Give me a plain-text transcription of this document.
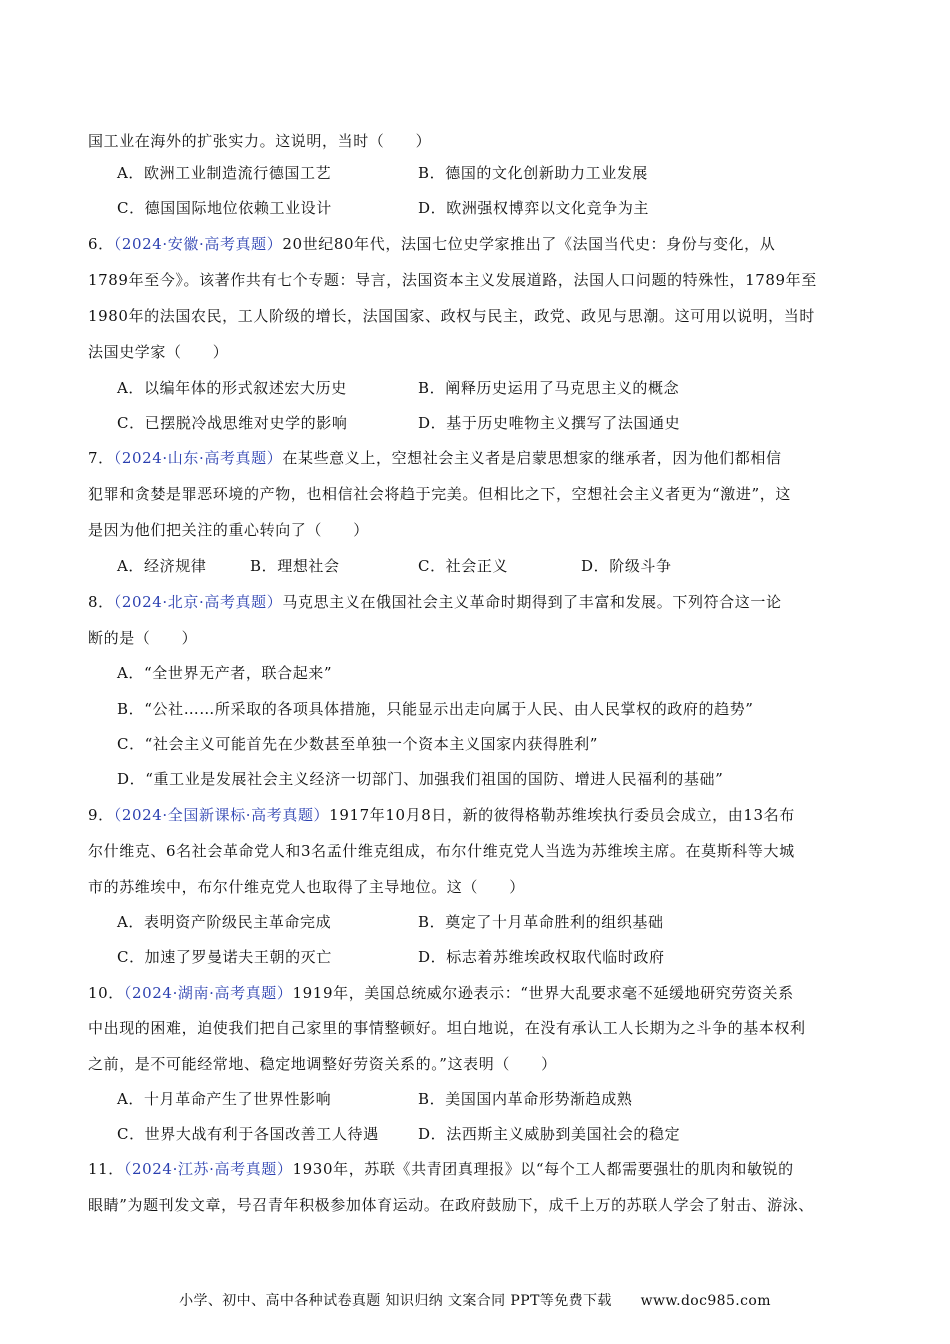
国工业在海外的扩张实力。这说明，当时（　　）
A．欧洲工业制造流行德国工艺	B．德国的文化创新助力工业发展
C．德国国际地位依赖工业设计	D．欧洲强权博弈以文化竞争为主
6．（2024·安徽·高考真题）20世纪80年代，法国七位史学家推出了《法国当代史：身份与变化，从
1789年至今》。该著作共有七个专题：导言，法国资本主义发展道路，法国人口问题的特殊性，1789年至
1980年的法国农民，工人阶级的增长，法国国家、政权与民主，政党、政见与思潮。这可用以说明，当时
法国史学家（　　）
A．以编年体的形式叙述宏大历史	B．阐释历史运用了马克思主义的概念
C．已摆脱冷战思维对史学的影响	D．基于历史唯物主义撰写了法国通史
7．（2024·山东·高考真题）在某些意义上，空想社会主义者是启蒙思想家的继承者，因为他们都相信
犯罪和贪婪是罪恶环境的产物，也相信社会将趋于完美。但相比之下，空想社会主义者更为“激进”，这
是因为他们把关注的重心转向了（　　）
A．经济规律	B．理想社会	C．社会正义	D．阶级斗争
8．（2024·北京·高考真题）马克思主义在俄国社会主义革命时期得到了丰富和发展。下列符合这一论
断的是（　　）
A．“全世界无产者，联合起来”
B．“公社……所采取的各项具体措施，只能显示出走向属于人民、由人民掌权的政府的趋势”
C．“社会主义可能首先在少数甚至单独一个资本主义国家内获得胜利”
D．“重工业是发展社会主义经济一切部门、加强我们祖国的国防、增进人民福利的基础”
9．（2024·全国新课标·高考真题）1917年10月8日，新的彼得格勒苏维埃执行委员会成立，由13名布
尔什维克、6名社会革命党人和3名孟什维克组成，布尔什维克党人当选为苏维埃主席。在莫斯科等大城
市的苏维埃中，布尔什维克党人也取得了主导地位。这（　　）
A．表明资产阶级民主革命完成	B．奠定了十月革命胜利的组织基础
C．加速了罗曼诺夫王朝的灭亡	D．标志着苏维埃政权取代临时政府
10．（2024·湖南·高考真题）1919年，美国总统威尔逊表示：“世界大乱要求毫不延缓地研究劳资关系
中出现的困难，迫使我们把自己家里的事情整顿好。坦白地说，在没有承认工人长期为之斗争的基本权利
之前，是不可能经常地、稳定地调整好劳资关系的。”这表明（　　）
A．十月革命产生了世界性影响	B．美国国内革命形势渐趋成熟
C．世界大战有利于各国改善工人待遇	D．法西斯主义威胁到美国社会的稳定
11．（2024·江苏·高考真题）1930年，苏联《共青团真理报》以“每个工人都需要强壮的肌肉和敏锐的
眼睛”为题刊发文章，号召青年积极参加体育运动。在政府鼓励下，成千上万的苏联人学会了射击、游泳、
小学、初中、高中各种试卷真题 知识归纳 文案合同 PPT等免费下载　　www.doc985.com
